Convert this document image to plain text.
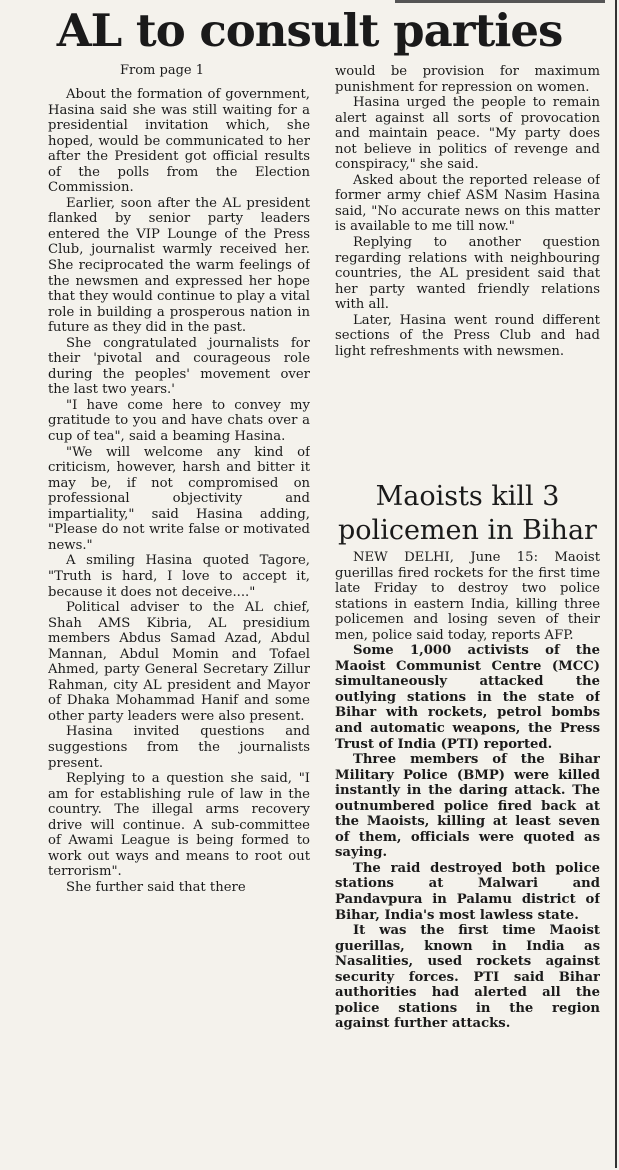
AL to consult parties
From page 1

About the formation of government, Hasina said she was still waiting for a presidential invitation which, she hoped, would be communicated to her after the President got official results of the polls from the Election Commission.

Earlier, soon after the AL president flanked by senior party leaders entered the VIP Lounge of the Press Club, journalist warmly received her. She reciprocated the warm feelings of the newsmen and expressed her hope that they would continue to play a vital role in building a prosperous nation in future as they did in the past.

She congratulated journalists for their 'pivotal and courageous role during the peoples' movement over the last two years.'

"I have come here to convey my gratitude to you and have chats over a cup of tea", said a beaming Hasina.

"We will welcome any kind of criticism, however, harsh and bitter it may be, if not compromised on professional objectivity and impartiality," said Hasina adding, "Please do not write false or motivated news."

A smiling Hasina quoted Tagore, "Truth is hard, I love to accept it, because it does not deceive...."

Political adviser to the AL chief, Shah AMS Kibria, AL presidium members Abdus Samad Azad, Abdul Mannan, Abdul Momin and Tofael Ahmed, party General Secretary Zillur Rahman, city AL president and Mayor of Dhaka Mohammad Hanif and some other party leaders were also present.

Hasina invited questions and suggestions from the journalists present.

Replying to a question she said, "I am for establishing rule of law in the country. The illegal arms recovery drive will continue. A sub-committee of Awami League is being formed to work out ways and means to root out terrorism".

She further said that there

would be provision for maximum punishment for repression on women.

Hasina urged the people to remain alert against all sorts of provocation and maintain peace. "My party does not believe in politics of revenge and conspiracy," she said.

Asked about the reported release of former army chief ASM Nasim Hasina said, "No accurate news on this matter is available to me till now."

Replying to another question regarding relations with neighbouring countries, the AL president said that her party wanted friendly relations with all.

Later, Hasina went round different sections of the Press Club and had light refreshments with newsmen.

Maoists kill 3 policemen in Bihar

NEW DELHI, June 15: Maoist guerillas fired rockets for the first time late Friday to destroy two police stations in eastern India, killing three policemen and losing seven of their men, police said today, reports AFP.

Some 1,000 activists of the Maoist Communist Centre (MCC) simultaneously attacked the outlying stations in the state of Bihar with rockets, petrol bombs and automatic weapons, the Press Trust of India (PTI) reported.

Three members of the Bihar Military Police (BMP) were killed instantly in the daring attack. The outnumbered police fired back at the Maoists, killing at least seven of them, officials were quoted as saying.

The raid destroyed both police stations at Malwari and Pandavpura in Palamu district of Bihar, India's most lawless state.

It was the first time Maoist guerillas, known in India as Nasalities, used rockets against security forces. PTI said Bihar authorities had alerted all the police stations in the region against further attacks.
